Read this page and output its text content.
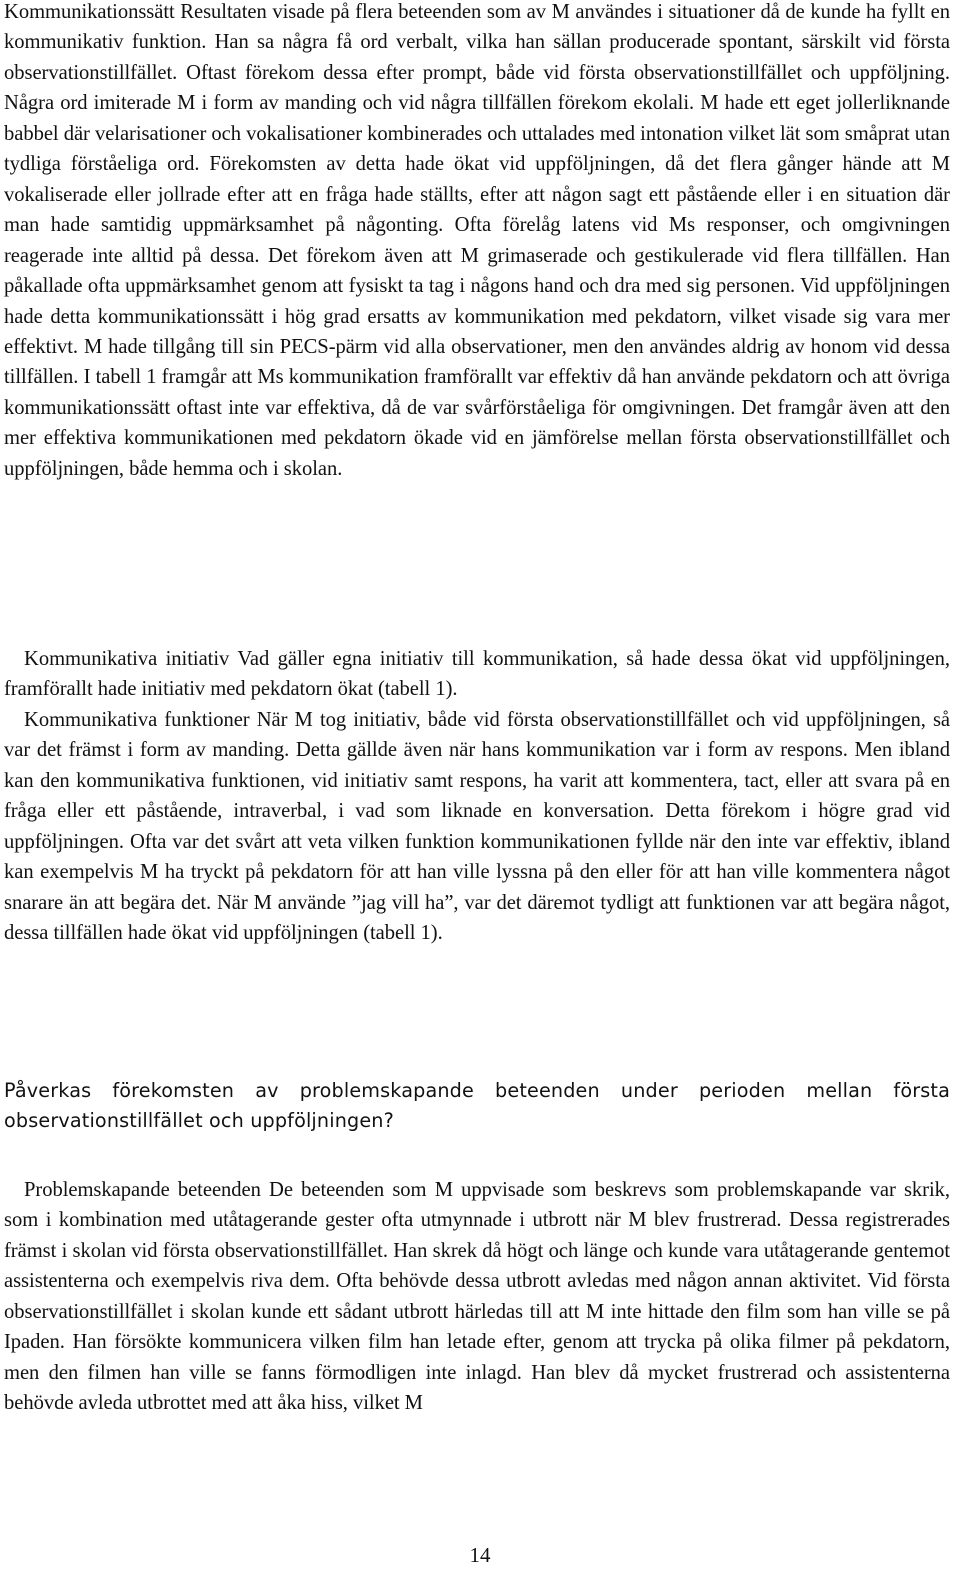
Kommunikationssätt Resultaten visade på flera beteenden som av M användes i situationer då de kunde ha fyllt en kommunikativ funktion. Han sa några få ord verbalt, vilka han sällan producerade spontant, särskilt vid första observationstillfället. Oftast förekom dessa efter prompt, både vid första observationstillfället och uppföljning. Några ord imiterade M i form av manding och vid några tillfällen förekom ekolali. M hade ett eget jollerliknande babbel där velarisationer och vokalisationer kombinerades och uttalades med intonation vilket lät som småprat utan tydliga förståeliga ord. Förekomsten av detta hade ökat vid uppföljningen, då det flera gånger hände att M vokaliserade eller jollrade efter att en fråga hade ställts, efter att någon sagt ett påstående eller i en situation där man hade samtidig uppmärksamhet på någonting. Ofta förelåg latens vid Ms responser, och omgivningen reagerade inte alltid på dessa. Det förekom även att M grimaserade och gestikulerade vid flera tillfällen. Han påkallade ofta uppmärksamhet genom att fysiskt ta tag i någons hand och dra med sig personen. Vid uppföljningen hade detta kommunikationssätt i hög grad ersatts av kommunikation med pekdatorn, vilket visade sig vara mer effektivt. M hade tillgång till sin PECS-pärm vid alla observationer, men den användes aldrig av honom vid dessa tillfällen. I tabell 1 framgår att Ms kommunikation framförallt var effektiv då han använde pekdatorn och att övriga kommunikationssätt oftast inte var effektiva, då de var svårförståeliga för omgivningen. Det framgår även att den mer effektiva kommunikationen med pekdatorn ökade vid en jämförelse mellan första observationstillfället och uppföljningen, både hemma och i skolan.

Kommunikativa initiativ Vad gäller egna initiativ till kommunikation, så hade dessa ökat vid uppföljningen, framförallt hade initiativ med pekdatorn ökat (tabell 1).

Kommunikativa funktioner När M tog initiativ, både vid första observationstillfället och vid uppföljningen, så var det främst i form av manding. Detta gällde även när hans kommunikation var i form av respons. Men ibland kan den kommunikativa funktionen, vid initiativ samt respons, ha varit att kommentera, tact, eller att svara på en fråga eller ett påstående, intraverbal, i vad som liknade en konversation. Detta förekom i högre grad vid uppföljningen. Ofta var det svårt att veta vilken funktion kommunikationen fyllde när den inte var effektiv, ibland kan exempelvis M ha tryckt på pekdatorn för att han ville lyssna på den eller för att han ville kommentera något snarare än att begära det. När M använde ”jag vill ha”, var det däremot tydligt att funktionen var att begära något, dessa tillfällen hade ökat vid uppföljningen (tabell 1).

Påverkas förekomsten av problemskapande beteenden under perioden mellan första observationstillfället och uppföljningen?

Problemskapande beteenden De beteenden som M uppvisade som beskrevs som problemskapande var skrik, som i kombination med utåtagerande gester ofta utmynnade i utbrott när M blev frustrerad. Dessa registrerades främst i skolan vid första observationstillfället. Han skrek då högt och länge och kunde vara utåtagerande gentemot assistenterna och exempelvis riva dem. Ofta behövde dessa utbrott avledas med någon annan aktivitet. Vid första observationstillfället i skolan kunde ett sådant utbrott härledas till att M inte hittade den film som han ville se på Ipaden. Han försökte kommunicera vilken film han letade efter, genom att trycka på olika filmer på pekdatorn, men den filmen han ville se fanns förmodligen inte inlagd. Han blev då mycket frustrerad och assistenterna behövde avleda utbrottet med att åka hiss, vilket M

14
